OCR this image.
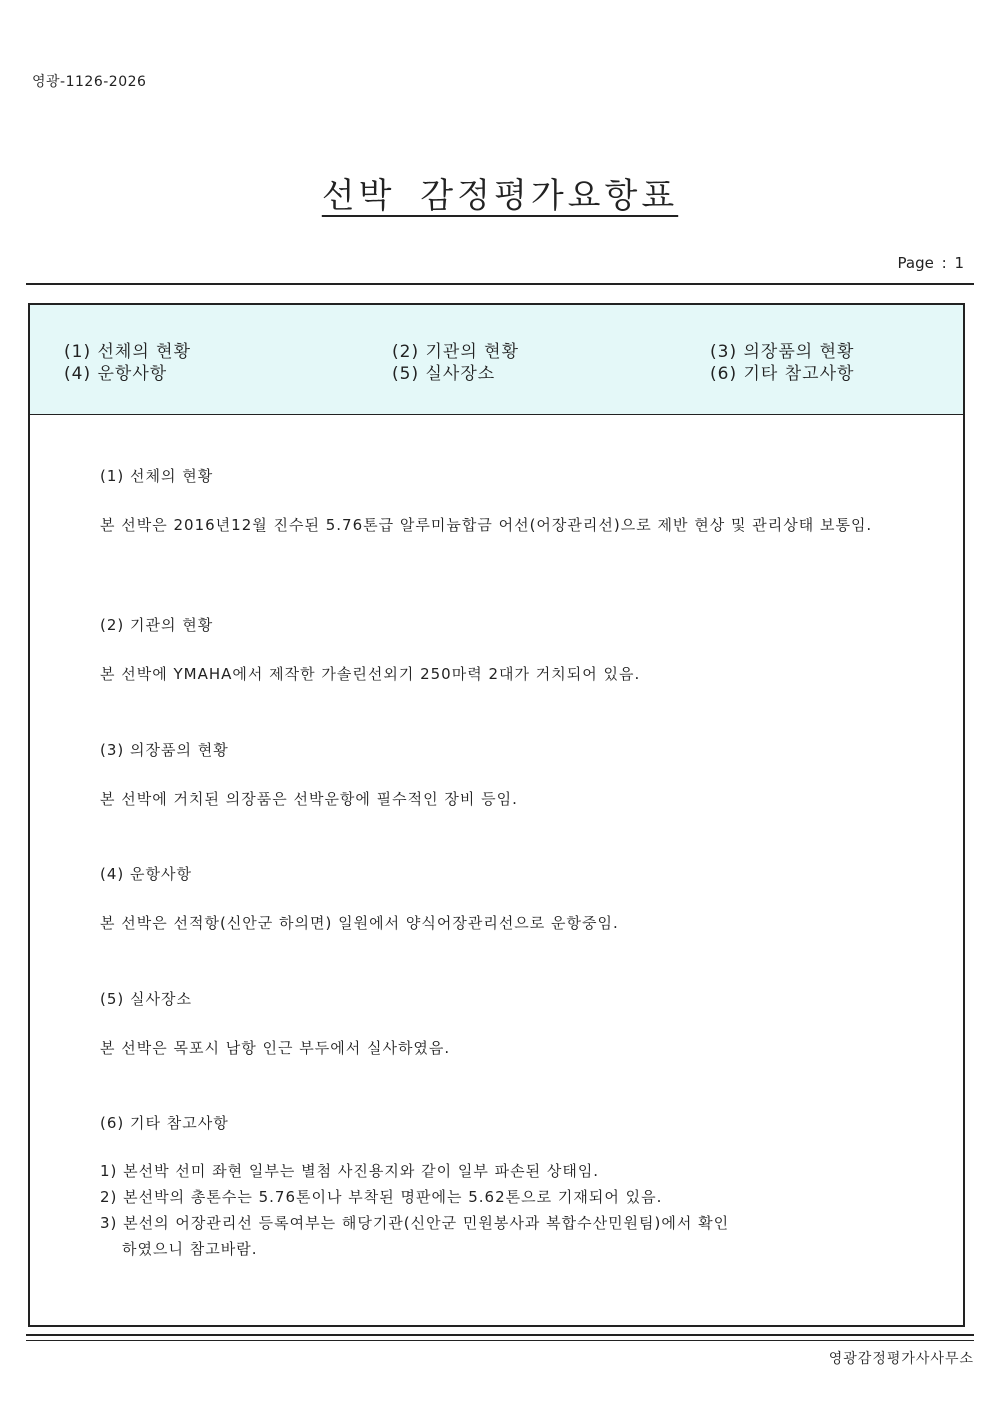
영광-1126-2026
선박 감정평가요항표
Page : 1
(1) 선체의 현황	(2) 기관의 현황	(3) 의장품의 현황
(4) 운항사항	(5) 실사장소	(6) 기타 참고사항
(1) 선체의 현황
본 선박은 2016년12월 진수된 5.76톤급 알루미늄합금 어선(어장관리선)으로 제반 현상 및 관리상태 보통임.
(2) 기관의 현황
본 선박에 YMAHA에서 제작한 가솔린선외기 250마력 2대가 거치되어 있음.
(3) 의장품의 현황
본 선박에 거치된 의장품은 선박운항에 필수적인 장비 등임.
(4) 운항사항
본 선박은 선적항(신안군 하의면) 일원에서 양식어장관리선으로 운항중임.
(5) 실사장소
본 선박은 목포시 남항 인근 부두에서 실사하였음.
(6) 기타 참고사항
1) 본선박 선미 좌현 일부는 별첨 사진용지와 같이 일부 파손된 상태임.
2) 본선박의 총톤수는 5.76톤이나 부착된 명판에는 5.62톤으로 기재되어 있음.
3) 본선의 어장관리선 등록여부는 해당기관(신안군 민원봉사과 복합수산민원팀)에서 확인
하였으니 참고바람.
영광감정평가사사무소
